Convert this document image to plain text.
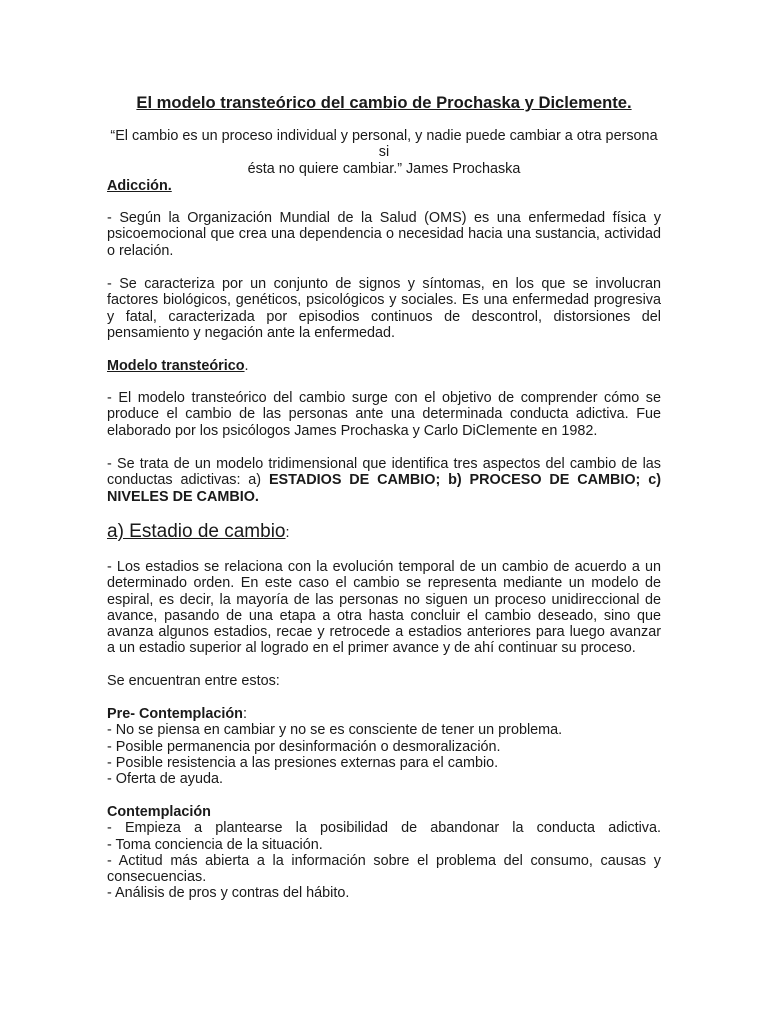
El modelo transteórico del cambio de Prochaska y Diclemente.

“El cambio es un proceso individual y personal, y nadie puede cambiar a otra persona si
ésta no quiere cambiar.” James Prochaska

Adicción.

- Según la Organización Mundial de la Salud (OMS) es una enfermedad física y psicoemocional que crea una dependencia o necesidad hacia una sustancia, actividad o relación.

- Se caracteriza por un conjunto de signos y síntomas, en los que se involucran factores biológicos, genéticos, psicológicos y sociales. Es una enfermedad progresiva y fatal, caracterizada por episodios continuos de descontrol, distorsiones del pensamiento y negación ante la enfermedad.

Modelo transteórico.

- El modelo transteórico del cambio surge con el objetivo de comprender cómo se produce el cambio de las personas ante una determinada conducta adictiva. Fue elaborado por los psicólogos James Prochaska y Carlo DiClemente en 1982.

- Se trata de un modelo tridimensional que identifica tres aspectos del cambio de las conductas adictivas: a) ESTADIOS DE CAMBIO; b) PROCESO DE CAMBIO; c) NIVELES DE CAMBIO.

a) Estadio de cambio:

- Los estadios se relaciona con la evolución temporal de un cambio de acuerdo a un determinado orden. En este caso el cambio se representa mediante un modelo de espiral, es decir, la mayoría de las personas no siguen un proceso unidireccional de avance, pasando de una etapa a otra hasta concluir el cambio deseado, sino que avanza algunos estadios, recae y retrocede a estadios anteriores para luego avanzar a un estadio superior al logrado en el primer avance y de ahí continuar su proceso.

Se encuentran entre estos:

Pre- Contemplación:
- No se piensa en cambiar y no se es consciente de tener un problema.
- Posible permanencia por desinformación o desmoralización.
- Posible resistencia a las presiones externas para el cambio.
- Oferta de ayuda.
Contemplación
- Empieza a plantearse la posibilidad de abandonar la conducta adictiva.
- Toma conciencia de la situación.
- Actitud más abierta a la información sobre el problema del consumo, causas y consecuencias.
- Análisis de pros y contras del hábito.
